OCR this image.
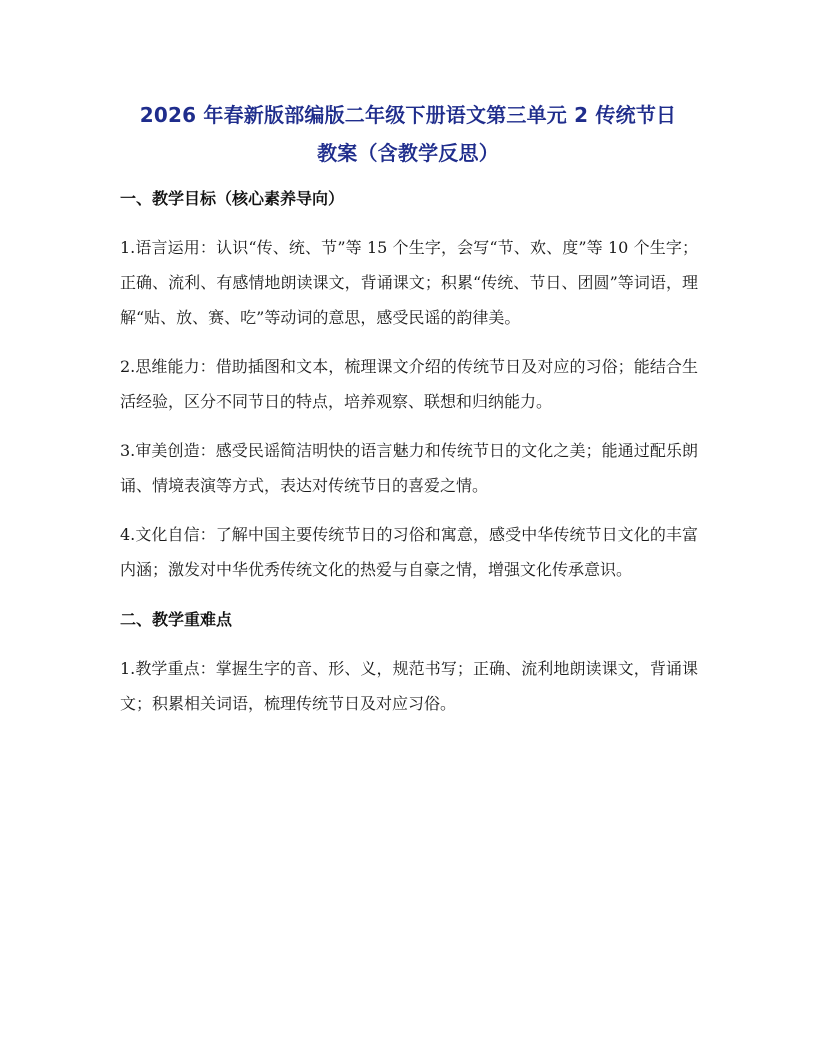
2026 年春新版部编版二年级下册语文第三单元 2 传统节日
教案（含教学反思）
一、教学目标（核心素养导向）

1.语言运用：认识“传、统、节”等 15 个生字，会写“节、欢、度”等 10 个生字；正确、流利、有感情地朗读课文，背诵课文；积累“传统、节日、团圆”等词语，理解“贴、放、赛、吃”等动词的意思，感受民谣的韵律美。

2.思维能力：借助插图和文本，梳理课文介绍的传统节日及对应的习俗；能结合生活经验，区分不同节日的特点，培养观察、联想和归纳能力。

3.审美创造：感受民谣简洁明快的语言魅力和传统节日的文化之美；能通过配乐朗诵、情境表演等方式，表达对传统节日的喜爱之情。

4.文化自信：了解中国主要传统节日的习俗和寓意，感受中华传统节日文化的丰富内涵；激发对中华优秀传统文化的热爱与自豪之情，增强文化传承意识。

二、教学重难点

1.教学重点：掌握生字的音、形、义，规范书写；正确、流利地朗读课文，背诵课文；积累相关词语，梳理传统节日及对应习俗。
